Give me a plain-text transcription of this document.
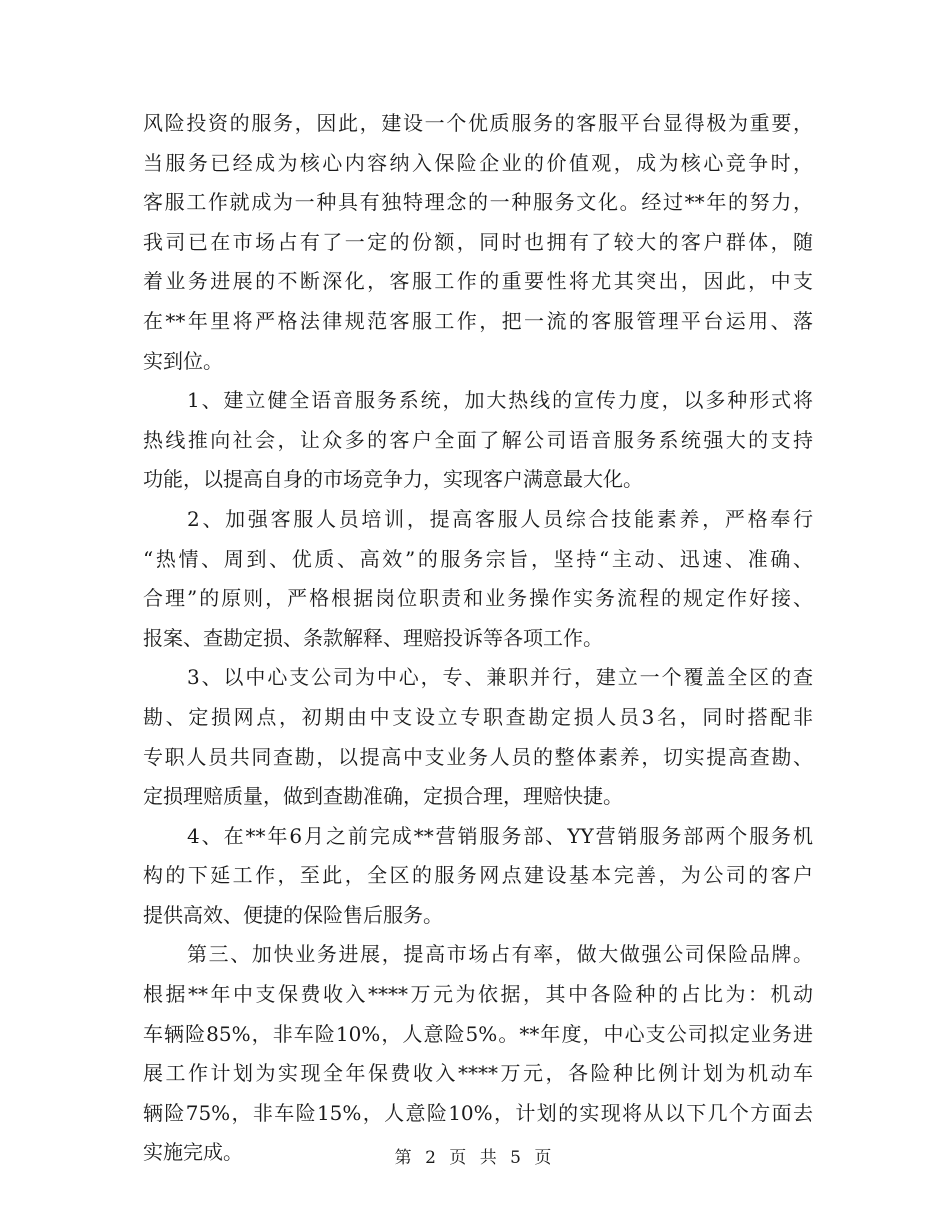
风险投资的服务，因此，建设一个优质服务的客服平台显得极为重要，
当服务已经成为核心内容纳入保险企业的价值观，成为核心竞争时，
客服工作就成为一种具有独特理念的一种服务文化。经过**年的努力，
我司已在市场占有了一定的份额，同时也拥有了较大的客户群体，随
着业务进展的不断深化，客服工作的重要性将尤其突出，因此，中支
在**年里将严格法律规范客服工作，把一流的客服管理平台运用、落
实到位。
1、建立健全语音服务系统，加大热线的宣传力度，以多种形式将
热线推向社会，让众多的客户全面了解公司语音服务系统强大的支持
功能，以提高自身的市场竞争力，实现客户满意最大化。
2、加强客服人员培训，提高客服人员综合技能素养，严格奉行
“热情、周到、优质、高效”的服务宗旨，坚持“主动、迅速、准确、
合理”的原则，严格根据岗位职责和业务操作实务流程的规定作好接、
报案、查勘定损、条款解释、理赔投诉等各项工作。
3、以中心支公司为中心，专、兼职并行，建立一个覆盖全区的查
勘、定损网点，初期由中支设立专职查勘定损人员3名，同时搭配非
专职人员共同查勘，以提高中支业务人员的整体素养，切实提高查勘、
定损理赔质量，做到查勘准确，定损合理，理赔快捷。
4、在**年6月之前完成**营销服务部、YY营销服务部两个服务机
构的下延工作，至此，全区的服务网点建设基本完善，为公司的客户
提供高效、便捷的保险售后服务。
第三、加快业务进展，提高市场占有率，做大做强公司保险品牌。
根据**年中支保费收入****万元为依据，其中各险种的占比为：机动
车辆险85%，非车险10%，人意险5%。**年度，中心支公司拟定业务进
展工作计划为实现全年保费收入****万元，各险种比例计划为机动车
辆险75%，非车险15%，人意险10%，计划的实现将从以下几个方面去
实施完成。	第 2 页 共 5 页
